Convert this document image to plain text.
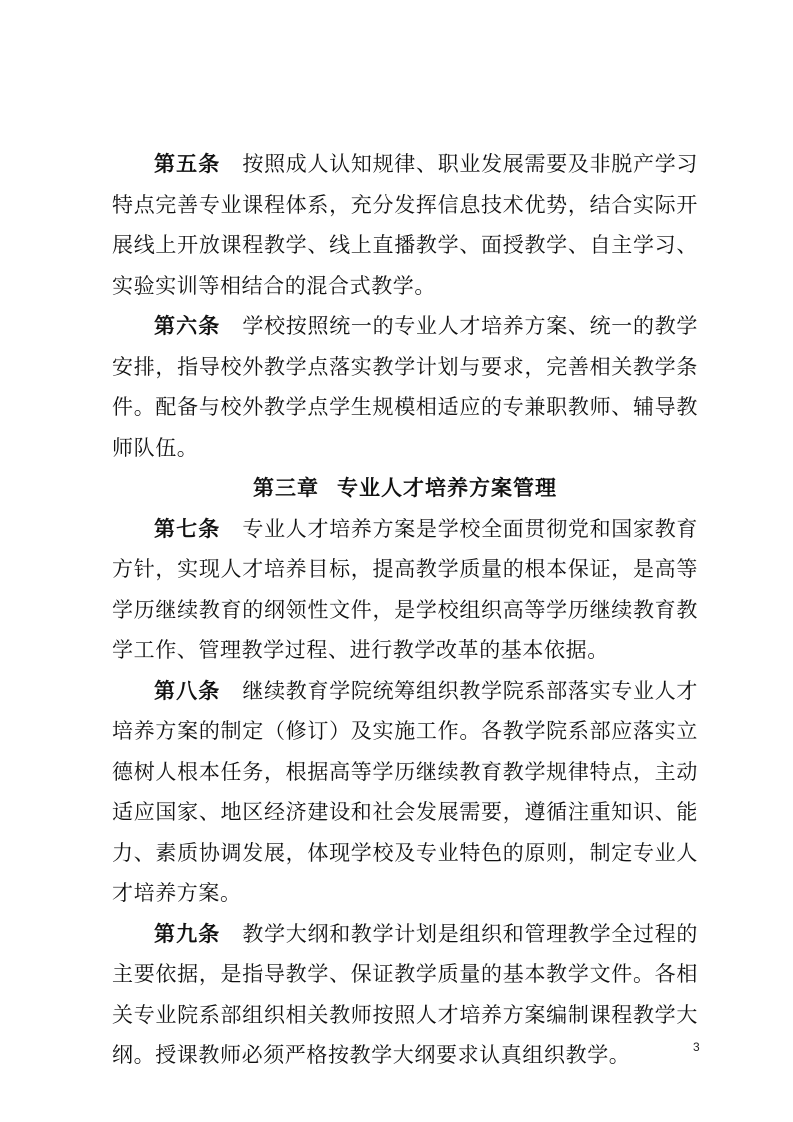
第五条 按照成人认知规律、职业发展需要及非脱产学习特点完善专业课程体系，充分发挥信息技术优势，结合实际开展线上开放课程教学、线上直播教学、面授教学、自主学习、实验实训等相结合的混合式教学。

第六条 学校按照统一的专业人才培养方案、统一的教学安排，指导校外教学点落实教学计划与要求，完善相关教学条件。配备与校外教学点学生规模相适应的专兼职教师、辅导教师队伍。

第三章 专业人才培养方案管理

第七条 专业人才培养方案是学校全面贯彻党和国家教育方针，实现人才培养目标，提高教学质量的根本保证，是高等学历继续教育的纲领性文件，是学校组织高等学历继续教育教学工作、管理教学过程、进行教学改革的基本依据。

第八条 继续教育学院统筹组织教学院系部落实专业人才培养方案的制定（修订）及实施工作。各教学院系部应落实立德树人根本任务，根据高等学历继续教育教学规律特点，主动适应国家、地区经济建设和社会发展需要，遵循注重知识、能力、素质协调发展，体现学校及专业特色的原则，制定专业人才培养方案。

第九条 教学大纲和教学计划是组织和管理教学全过程的主要依据，是指导教学、保证教学质量的基本教学文件。各相关专业院系部组织相关教师按照人才培养方案编制课程教学大纲。授课教师必须严格按教学大纲要求认真组织教学。	3
